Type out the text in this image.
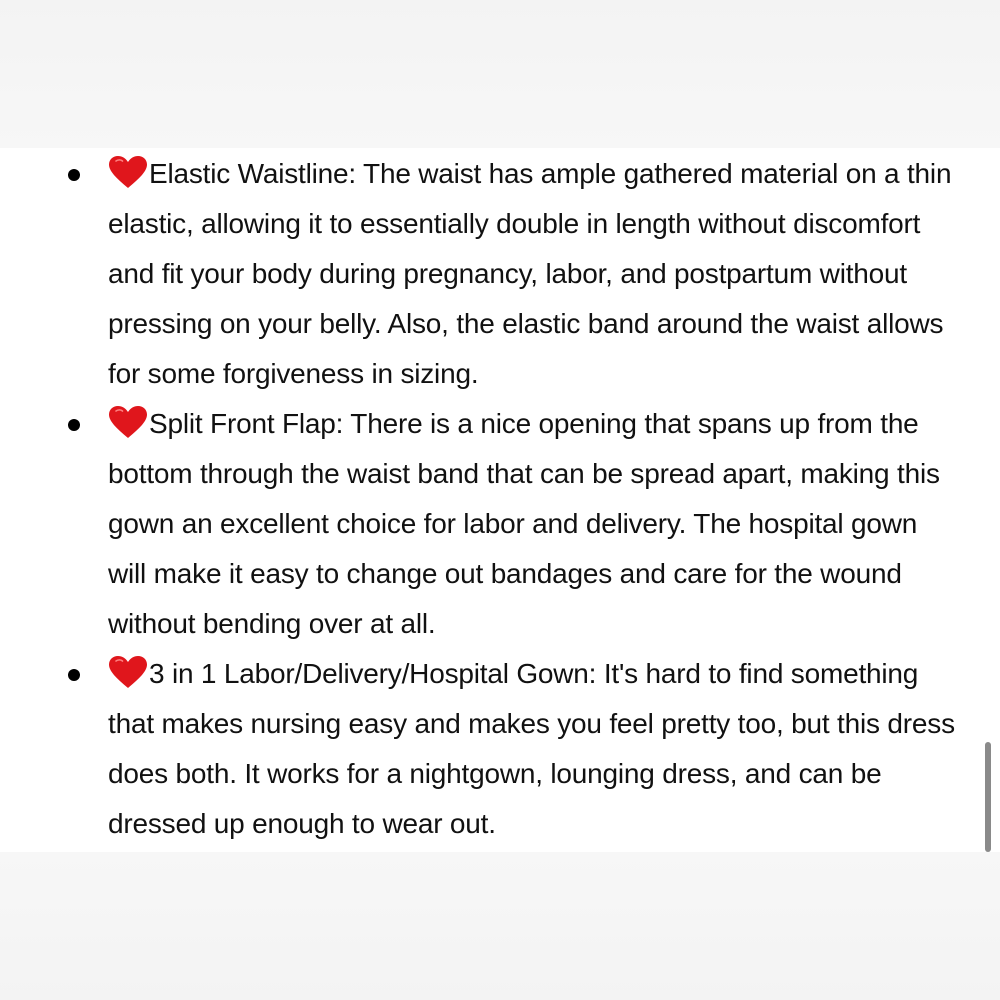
Elastic Waistline: The waist has ample gathered material on a thin elastic, allowing it to essentially double in length without discomfort and fit your body during pregnancy, labor, and postpartum without pressing on your belly. Also, the elastic band around the waist allows for some forgiveness in sizing.
Split Front Flap: There is a nice opening that spans up from the bottom through the waist band that can be spread apart, making this gown an excellent choice for labor and delivery. The hospital gown will make it easy to change out bandages and care for the wound without bending over at all.
3 in 1 Labor/Delivery/Hospital Gown: It's hard to find something that makes nursing easy and makes you feel pretty too, but this dress does both. It works for a nightgown, lounging dress, and can be dressed up enough to wear out.
